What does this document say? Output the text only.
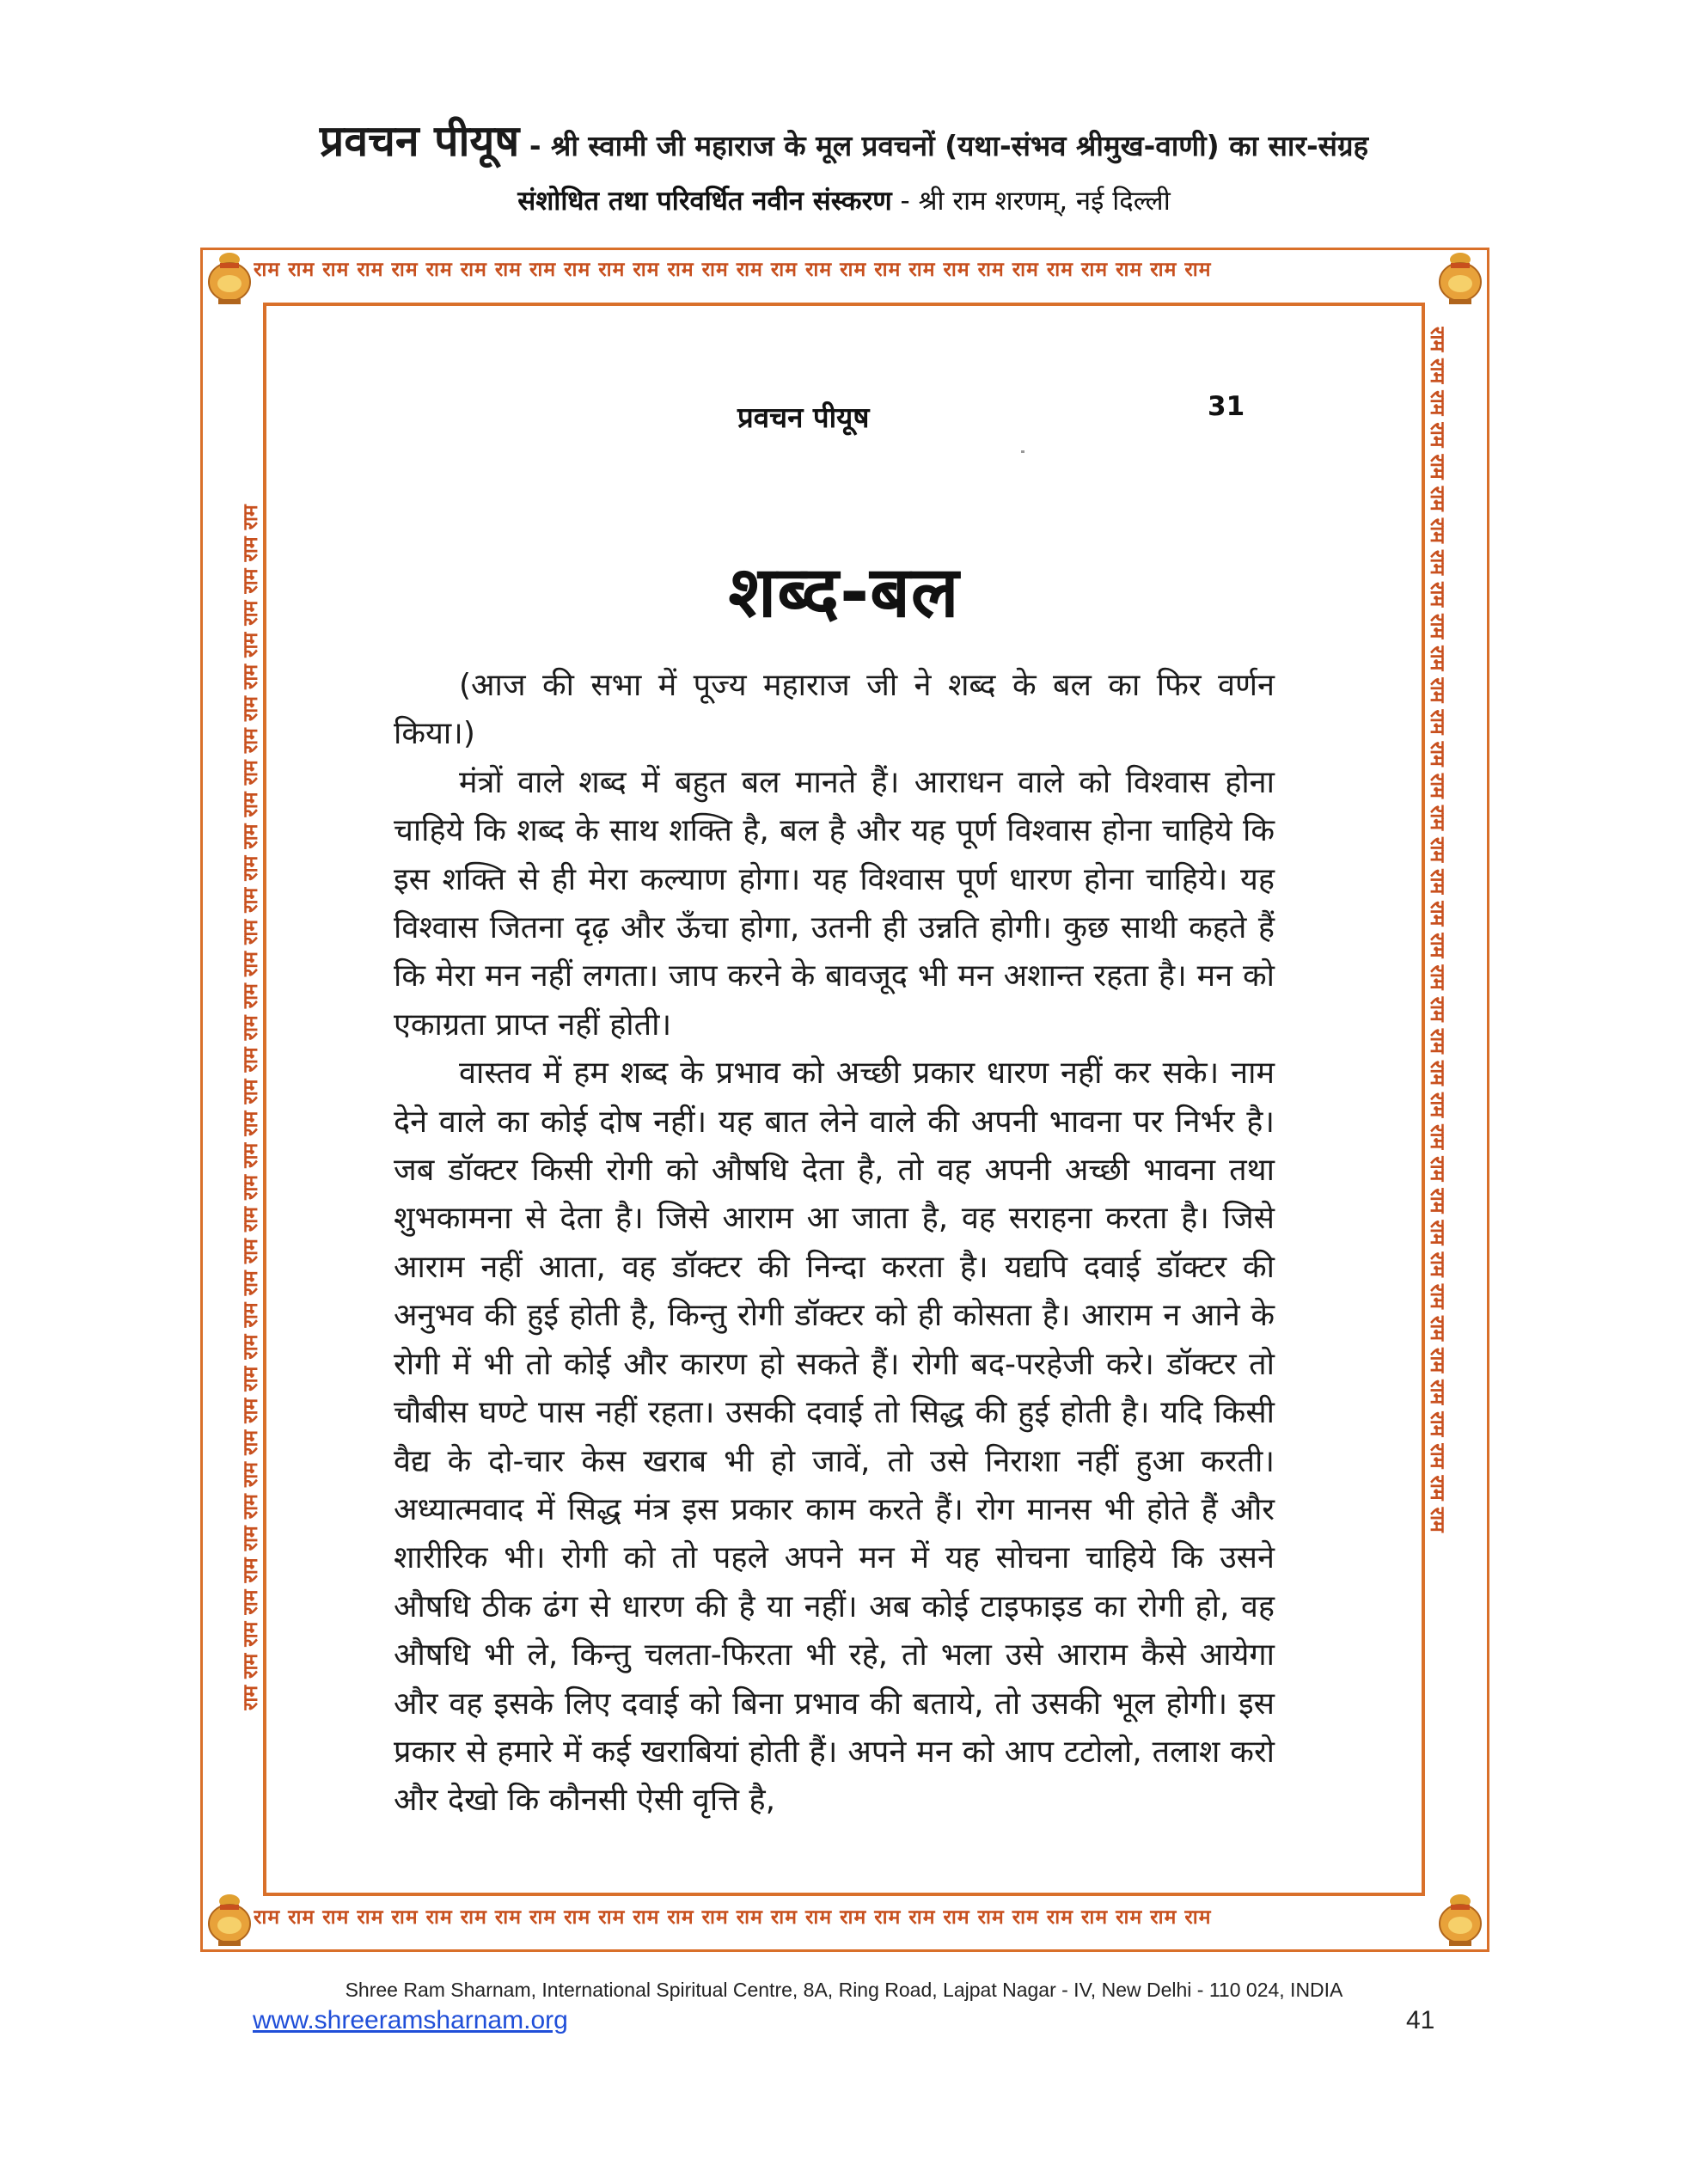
प्रवचन पीयूष - श्री स्वामी जी महाराज के मूल प्रवचनों (यथा-संभव श्रीमुख-वाणी) का सार-संग्रह
संशोधित तथा परिवर्धित नवीन संस्करण - श्री राम शरणम्, नई दिल्ली
राम राम राम राम राम राम राम राम राम राम राम राम राम राम राम राम राम राम राम राम राम राम राम राम राम राम राम राम
राम राम राम राम राम राम राम राम राम राम राम राम राम राम राम राम राम राम राम राम राम राम राम राम राम राम राम राम
राम राम राम राम राम राम राम राम राम राम राम राम राम राम राम राम राम राम राम राम राम राम राम राम राम राम राम राम राम राम राम राम राम राम राम राम राम राम	राम राम राम राम राम राम राम राम राम राम राम राम राम राम राम राम राम राम राम राम राम राम राम राम राम राम राम राम राम राम राम राम राम राम राम राम राम राम
प्रवचन पीयूष	31
शब्द-बल

(आज की सभा में पूज्य महाराज जी ने शब्द के बल का फिर वर्णन किया।)

मंत्रों वाले शब्द में बहुत बल मानते हैं। आराधन वाले को विश्वास होना चाहिये कि शब्द के साथ शक्ति है, बल है और यह पूर्ण विश्वास होना चाहिये कि इस शक्ति से ही मेरा कल्याण होगा। यह विश्वास पूर्ण धारण होना चाहिये। यह विश्वास जितना दृढ़ और ऊँचा होगा, उतनी ही उन्नति होगी। कुछ साथी कहते हैं कि मेरा मन नहीं लगता। जाप करने के बावजूद भी मन अशान्त रहता है। मन को एकाग्रता प्राप्त नहीं होती।

वास्तव में हम शब्द के प्रभाव को अच्छी प्रकार धारण नहीं कर सके। नाम देने वाले का कोई दोष नहीं। यह बात लेने वाले की अपनी भावना पर निर्भर है। जब डॉक्टर किसी रोगी को औषधि देता है, तो वह अपनी अच्छी भावना तथा शुभकामना से देता है। जिसे आराम आ जाता है, वह सराहना करता है। जिसे आराम नहीं आता, वह डॉक्टर की निन्दा करता है। यद्यपि दवाई डॉक्टर की अनुभव की हुई होती है, किन्तु रोगी डॉक्टर को ही कोसता है। आराम न आने के रोगी में भी तो कोई और कारण हो सकते हैं। रोगी बद-परहेजी करे। डॉक्टर तो चौबीस घण्टे पास नहीं रहता। उसकी दवाई तो सिद्ध की हुई होती है। यदि किसी वैद्य के दो-चार केस खराब भी हो जावें, तो उसे निराशा नहीं हुआ करती। अध्यात्मवाद में सिद्ध मंत्र इस प्रकार काम करते हैं। रोग मानस भी होते हैं और शारीरिक भी। रोगी को तो पहले अपने मन में यह सोचना चाहिये कि उसने औषधि ठीक ढंग से धारण की है या नहीं। अब कोई टाइफाइड का रोगी हो, वह औषधि भी ले, किन्तु चलता-फिरता भी रहे, तो भला उसे आराम कैसे आयेगा और वह इसके लिए दवाई को बिना प्रभाव की बताये, तो उसकी भूल होगी। इस प्रकार से हमारे में कई खराबियां होती हैं। अपने मन को आप टटोलो, तलाश करो और देखो कि कौनसी ऐसी वृत्ति है,

Shree Ram Sharnam, International Spiritual Centre, 8A, Ring Road, Lajpat Nagar - IV, New Delhi - 110 024, INDIA
www.shreeramsharnam.org	41
